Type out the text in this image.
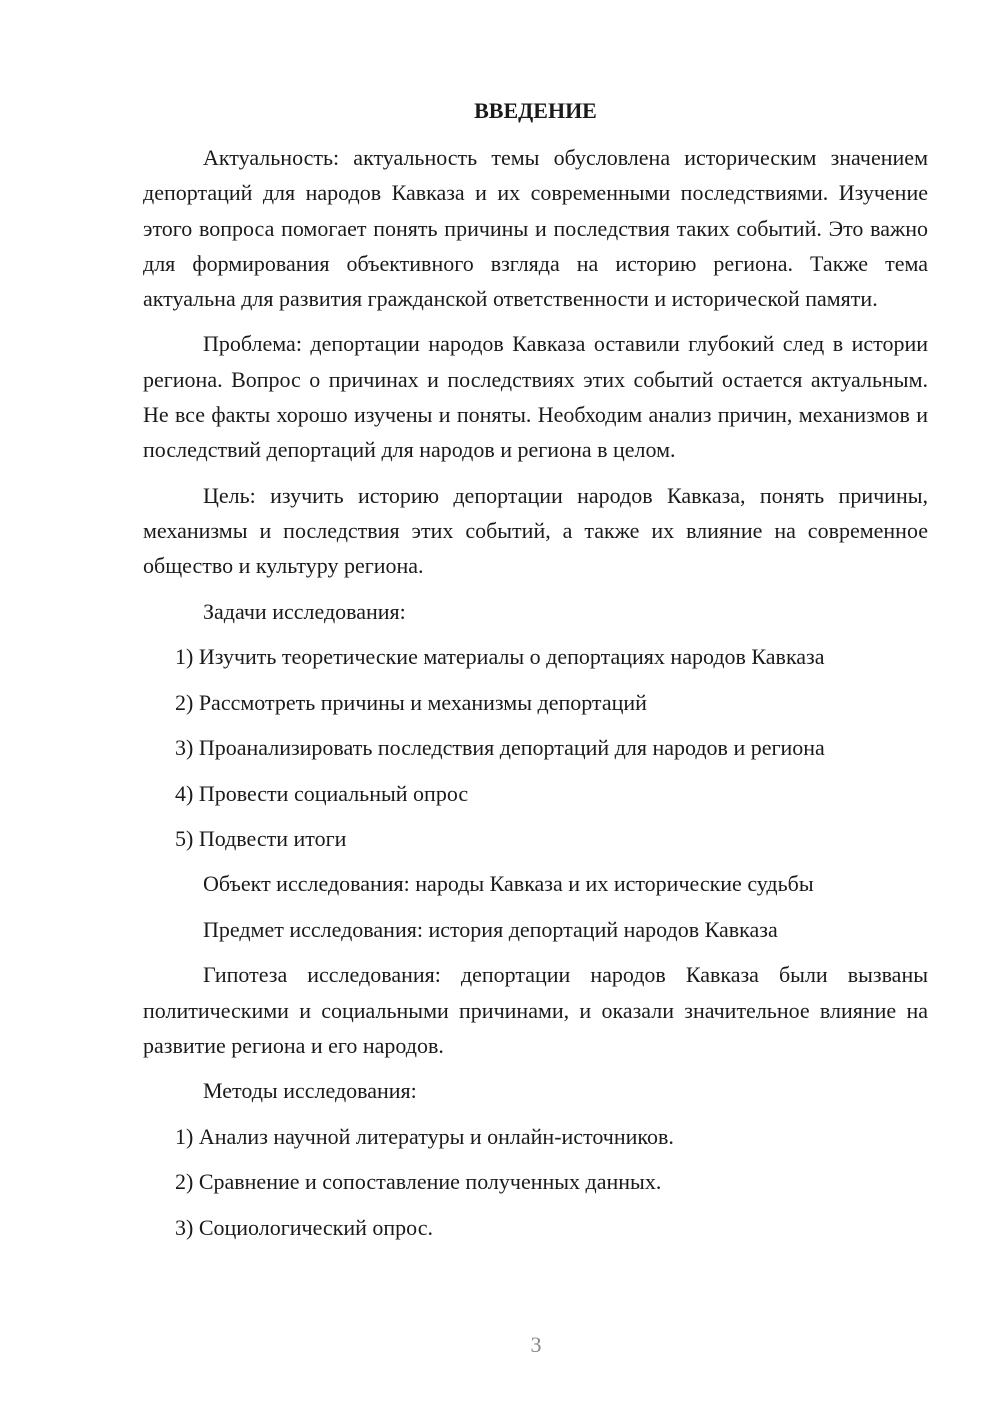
ВВЕДЕНИЕ

Актуальность: актуальность темы обусловлена историческим значением депортаций для народов Кавказа и их современными последствиями. Изучение этого вопроса помогает понять причины и последствия таких событий. Это важно для формирования объективного взгляда на историю региона. Также тема актуальна для развития гражданской ответственности и исторической памяти.

Проблема: депортации народов Кавказа оставили глубокий след в истории региона. Вопрос о причинах и последствиях этих событий остается актуальным. Не все факты хорошо изучены и поняты. Необходим анализ причин, механизмов и последствий депортаций для народов и региона в целом.

Цель: изучить историю депортации народов Кавказа, понять причины, механизмы и последствия этих событий, а также их влияние на современное общество и культуру региона.

Задачи исследования:
1) Изучить теоретические материалы о депортациях народов Кавказа
2) Рассмотреть причины и механизмы депортаций
3) Проанализировать последствия депортаций для народов и региона
4) Провести социальный опрос
5) Подвести итоги
Объект исследования: народы Кавказа и их исторические судьбы
Предмет исследования: история депортаций народов Кавказа

Гипотеза исследования: депортации народов Кавказа были вызваны политическими и социальными причинами, и оказали значительное влияние на развитие региона и его народов.

Методы исследования:
1) Анализ научной литературы и онлайн-источников.
2) Сравнение и сопоставление полученных данных.
3) Социологический опрос.
3
